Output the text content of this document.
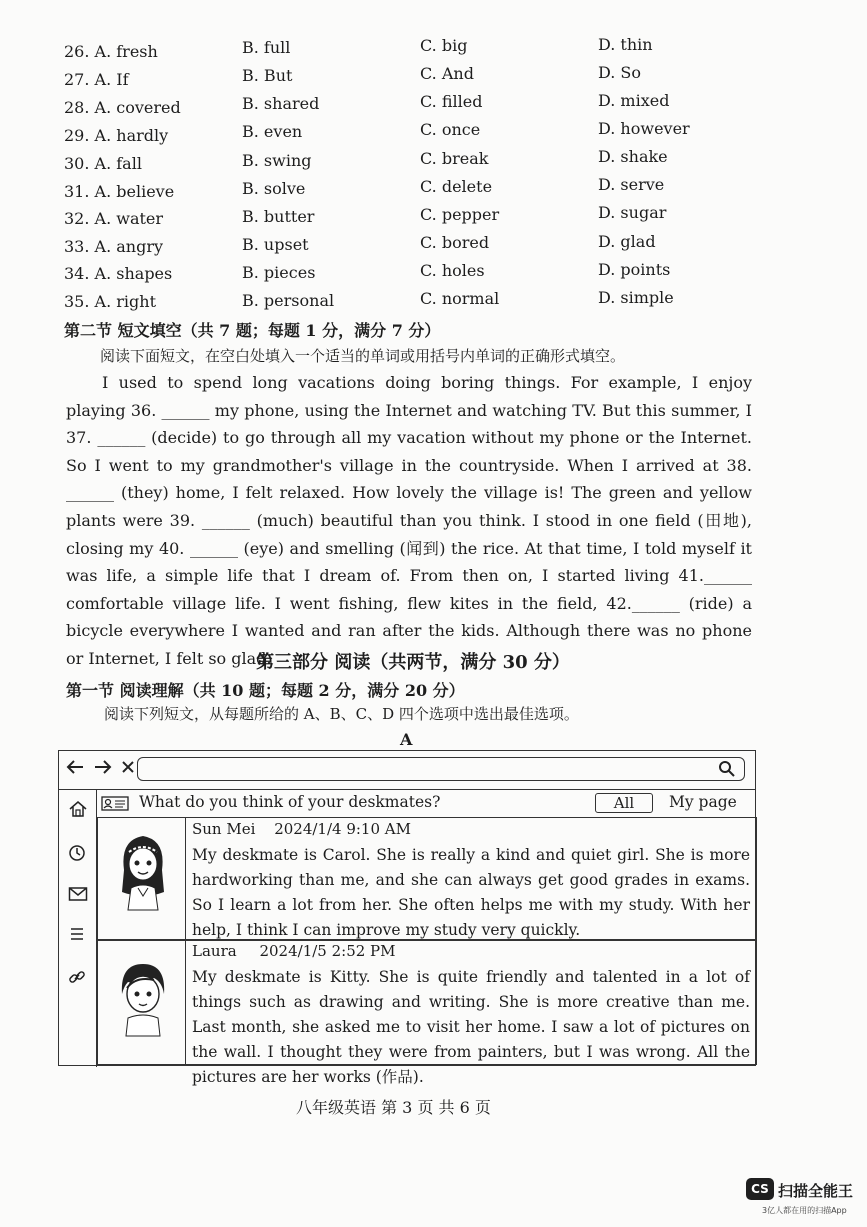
26. A. fresh	B. full	C. big	D. thin
27. A. If	B. But	C. And	D. So
28. A. covered	B. shared	C. filled	D. mixed
29. A. hardly	B. even	C. once	D. however
30. A. fall	B. swing	C. break	D. shake
31. A. believe	B. solve	C. delete	D. serve
32. A. water	B. butter	C. pepper	D. sugar
33. A. angry	B. upset	C. bored	D. glad
34. A. shapes	B. pieces	C. holes	D. points
35. A. right	B. personal	C. normal	D. simple
第二节 短文填空（共 7 题；每题 1 分，满分 7 分）
阅读下面短文，在空白处填入一个适当的单词或用括号内单词的正确形式填空。

I used to spend long vacations doing boring things. For example, I enjoy playing 36. ______ my phone, using the Internet and watching TV. But this summer, I 37. ______ (decide) to go through all my vacation without my phone or the Internet. So I went to my grandmother's village in the countryside. When I arrived at 38. ______ (they) home, I felt relaxed. How lovely the village is! The green and yellow plants were 39. ______ (much) beautiful than you think. I stood in one field (田地), closing my 40. ______ (eye) and smelling (闻到) the rice. At that time, I told myself it was life, a simple life that I dream of. From then on, I started living 41.______ comfortable village life. I went fishing, flew kites in the field, 42.______ (ride) a bicycle everywhere I wanted and ran after the kids. Although there was no phone or Internet, I felt so glad.

第三部分 阅读（共两节，满分 30 分）
第一节 阅读理解（共 10 题；每题 2 分，满分 20 分）
阅读下列短文，从每题所给的 A、B、C、D 四个选项中选出最佳选项。
A

What do you think of your deskmates?	All	My page
Sun Mei 2024/1/4 9:10 AM
My deskmate is Carol. She is really a kind and quiet girl. She is more hardworking than me, and she can always get good grades in exams. So I learn a lot from her. She often helps me with my study. With her help, I think I can improve my study very quickly.
Laura 2024/1/5 2:52 PM
My deskmate is Kitty. She is quite friendly and talented in a lot of things such as drawing and writing. She is more creative than me. Last month, she asked me to visit her home. I saw a lot of pictures on the wall. I thought they were from painters, but I was wrong. All the pictures are her works (作品).
八年级英语 第 3 页 共 6 页
CS 扫描全能王
3亿人都在用的扫描App
